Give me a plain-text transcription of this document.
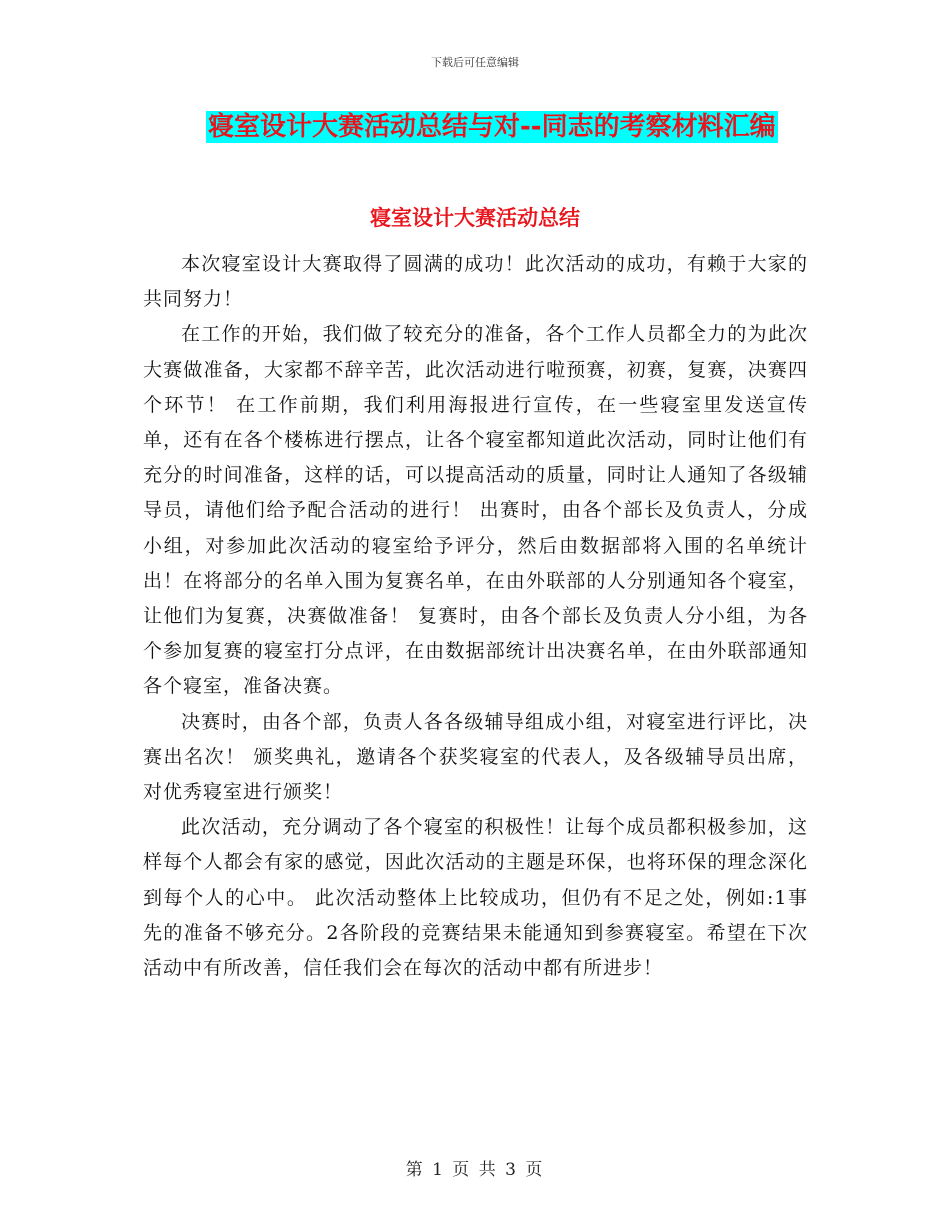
下载后可任意编辑
寝室设计大赛活动总结与对--同志的考察材料汇编
寝室设计大赛活动总结

本次寝室设计大赛取得了圆满的成功！此次活动的成功，有赖于大家的共同努力！

在工作的开始，我们做了较充分的准备，各个工作人员都全力的为此次大赛做准备，大家都不辞辛苦，此次活动进行啦预赛，初赛，复赛，决赛四个环节！ 在工作前期，我们利用海报进行宣传，在一些寝室里发送宣传单，还有在各个楼栋进行摆点，让各个寝室都知道此次活动，同时让他们有充分的时间准备，这样的话，可以提高活动的质量，同时让人通知了各级辅导员，请他们给予配合活动的进行！ 出赛时，由各个部长及负责人，分成小组，对参加此次活动的寝室给予评分，然后由数据部将入围的名单统计出！在将部分的名单入围为复赛名单，在由外联部的人分别通知各个寝室，让他们为复赛，决赛做准备！ 复赛时，由各个部长及负责人分小组，为各个参加复赛的寝室打分点评，在由数据部统计出决赛名单，在由外联部通知各个寝室，准备决赛。

决赛时，由各个部，负责人各各级辅导组成小组，对寝室进行评比，决赛出名次！ 颁奖典礼，邀请各个获奖寝室的代表人，及各级辅导员出席，对优秀寝室进行颁奖！

此次活动，充分调动了各个寝室的积极性！让每个成员都积极参加，这样每个人都会有家的感觉，因此次活动的主题是环保，也将环保的理念深化到每个人的心中。 此次活动整体上比较成功，但仍有不足之处，例如:1事先的准备不够充分。2各阶段的竞赛结果未能通知到参赛寝室。希望在下次活动中有所改善，信任我们会在每次的活动中都有所进步！

第 1 页 共 3 页
